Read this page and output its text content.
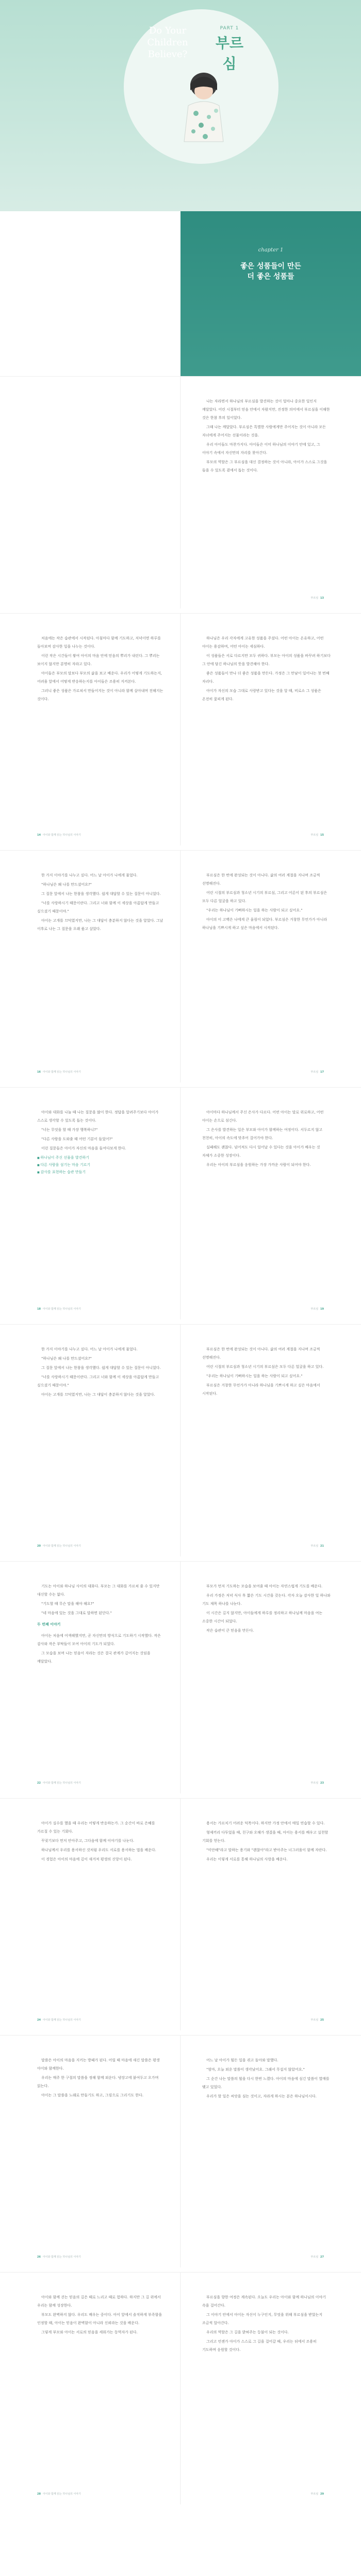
Do Your
Children
Believe?
PART 1
부르심
chapter 1
좋은 성품들이 만든
더 좋은 성품들

나는 자라면서 하나님의 부르심을 발견하는 것이 얼마나 중요한 일인지 깨달았다. 어린 시절부터 믿음 안에서 자랐지만, 진정한 의미에서 부르심을 이해한 것은 한참 후의 일이었다.

그때 나는 깨달았다. 부르심은 특별한 사람에게만 주어지는 것이 아니라 모든 자녀에게 주어지는 선물이라는 것을.

우리 아이들도 마찬가지다. 아이들은 이미 하나님의 이야기 안에 있고, 그 이야기 속에서 자신만의 자리를 찾아간다.

부모의 역할은 그 부르심을 대신 결정하는 것이 아니라, 아이가 스스로 그것을 들을 수 있도록 곁에서 돕는 것이다.

부르심 13

처음에는 작은 습관에서 시작된다. 아침마다 함께 기도하고, 저녁이면 하루를 돌아보며 감사한 일을 나누는 것이다.

이런 작은 시간들이 쌓여 아이의 마음 안에 믿음의 뿌리가 내린다. 그 뿌리는 보이지 않지만 분명히 자라고 있다.

아이들은 부모의 말보다 부모의 삶을 보고 배운다. 우리가 어떻게 기도하는지, 어려움 앞에서 어떻게 반응하는지를 아이들은 조용히 지켜본다.

그러니 좋은 성품은 가르쳐서 만들어지는 것이 아니라 함께 살아내며 전해지는 것이다.

하나님은 우리 각자에게 고유한 성품을 주셨다. 어떤 아이는 온유하고, 어떤 아이는 용감하며, 어떤 아이는 세심하다.

이 성품들은 서로 다르지만 모두 귀하다. 부모는 아이의 성품을 바꾸려 하기보다 그 안에 담긴 하나님의 뜻을 발견해야 한다.

좋은 성품들이 만나 더 좋은 성품을 만든다. 가정은 그 만남이 일어나는 첫 번째 자리다.

아이가 자신의 모습 그대로 사랑받고 있다는 것을 알 때, 비로소 그 성품은 온전히 꽃피게 된다.

14 아이와 함께 읽는 하나님의 이야기	부르심 15

한 가지 이야기를 나누고 싶다. 어느 날 아이가 나에게 물었다.

"하나님은 왜 나를 만드셨어요?"

그 질문 앞에서 나는 한참을 생각했다. 쉽게 대답할 수 있는 질문이 아니었다.

"너를 사랑하시기 때문이란다. 그리고 너와 함께 이 세상을 아름답게 만들고 싶으셨기 때문이야."

아이는 고개를 끄덕였지만, 나는 그 대답이 충분하지 않다는 것을 알았다. 그날 이후로 나는 그 질문을 오래 품고 살았다.

부르심은 한 번에 완성되는 것이 아니다. 삶의 여러 계절을 지나며 조금씩 선명해진다.

어린 시절의 부르심과 청소년 시기의 부르심, 그리고 어른이 된 후의 부르심은 모두 다른 얼굴을 하고 있다.

"우리는 하나님이 기뻐하시는 일을 하는 사람이 되고 싶어요."

아이의 이 고백은 나에게 큰 울림이 되었다. 부르심은 거창한 무언가가 아니라 하나님을 기쁘시게 하고 싶은 마음에서 시작된다.

16 아이와 함께 읽는 하나님의 이야기	부르심 17

아이와 대화를 나눌 때 나는 질문을 많이 한다. 정답을 알려주기보다 아이가 스스로 생각할 수 있도록 돕는 것이다.

"너는 무엇을 할 때 가장 행복하니?"

"다른 사람을 도와줄 때 어떤 기분이 들었어?"

이런 질문들은 아이가 자신의 마음을 들여다보게 한다.

■ 하나님이 주신 선물을 발견하기
■ 다른 사람을 섬기는 마음 기르기
■ 감사를 표현하는 습관 만들기

아이마다 하나님께서 주신 은사가 다르다. 어떤 아이는 말로 위로하고, 어떤 아이는 손으로 섬긴다.

그 은사를 발견하는 일은 부모와 아이가 함께하는 여정이다. 서두르지 않고 천천히, 아이의 속도에 맞추어 걸어가야 한다.

실패해도 괜찮다. 넘어져도 다시 일어날 수 있다는 것을 아이가 배우는 것 자체가 소중한 성장이다.

우리는 아이의 부르심을 응원하는 가장 가까운 사람이 되어야 한다.

18 아이와 함께 읽는 하나님의 이야기	부르심 19

한 가지 이야기를 나누고 싶다. 어느 날 아이가 나에게 물었다.

"하나님은 왜 나를 만드셨어요?"

그 질문 앞에서 나는 한참을 생각했다. 쉽게 대답할 수 있는 질문이 아니었다.

"너를 사랑하시기 때문이란다. 그리고 너와 함께 이 세상을 아름답게 만들고 싶으셨기 때문이야."

아이는 고개를 끄덕였지만, 나는 그 대답이 충분하지 않다는 것을 알았다.

부르심은 한 번에 완성되는 것이 아니다. 삶의 여러 계절을 지나며 조금씩 선명해진다.

어린 시절의 부르심과 청소년 시기의 부르심은 모두 다른 얼굴을 하고 있다.

"우리는 하나님이 기뻐하시는 일을 하는 사람이 되고 싶어요."

부르심은 거창한 무언가가 아니라 하나님을 기쁘시게 하고 싶은 마음에서 시작된다.

20 아이와 함께 읽는 하나님의 이야기	부르심 21

기도는 아이와 하나님 사이의 대화다. 부모는 그 대화를 가르쳐 줄 수 있지만 대신할 수는 없다.

"기도할 때 무슨 말을 해야 해요?"

"네 마음에 있는 것을 그대로 말하면 된단다."

두 번째 이야기

아이는 처음에 어색해했지만, 곧 자신만의 방식으로 기도하기 시작했다. 작은 감사와 작은 부탁들이 모여 아이의 기도가 되었다.

그 모습을 보며 나는 믿음이 자라는 것은 결국 관계가 깊어지는 것임을 깨달았다.

부모가 먼저 기도하는 모습을 보여줄 때 아이는 자연스럽게 기도를 배운다.

우리 가정은 저녁 식사 후 짧은 기도 시간을 갖는다. 각자 오늘 감사한 일 하나와 기도 제목 하나를 나눈다.

이 시간은 길지 않지만, 아이들에게 하루를 정리하고 하나님께 마음을 여는 소중한 시간이 되었다.

작은 습관이 큰 믿음을 만든다.

22 아이와 함께 읽는 하나님의 이야기	부르심 23

아이가 실수를 했을 때 우리는 어떻게 반응하는가. 그 순간이 바로 은혜를 가르칠 수 있는 기회다.

꾸짖기보다 먼저 안아주고, 그다음에 함께 이야기를 나눈다.

하나님께서 우리를 용서하신 것처럼 우리도 서로를 용서하는 법을 배운다.

이 경험은 아이의 마음에 깊이 새겨져 평생의 신앙이 된다.

용서는 가르치기 어려운 덕목이다. 하지만 가정 안에서 매일 연습할 수 있다.

형제끼리 다투었을 때, 친구와 오해가 생겼을 때, 아이는 용서를 배우고 실천할 기회를 얻는다.

"미안해"라고 말하는 용기와 "괜찮아"라고 받아주는 너그러움이 함께 자란다.

우리는 이렇게 서로를 통해 하나님의 사랑을 배운다.

24 아이와 함께 읽는 하나님의 이야기	부르심 25

말씀은 아이의 마음을 지키는 방패가 된다. 어릴 때 마음에 새긴 말씀은 평생 아이와 함께한다.

우리는 매주 한 구절의 말씀을 정해 함께 외운다. 냉장고에 붙여두고 오가며 읽는다.

아이는 그 말씀을 노래로 만들기도 하고, 그림으로 그리기도 한다.

어느 날 아이가 힘든 일을 겪고 돌아와 말했다.

"엄마, 오늘 외운 말씀이 생각났어요. 그래서 무섭지 않았어요."

그 순간 나는 말씀의 힘을 다시 한번 느꼈다. 아이의 마음에 심긴 말씀이 열매를 맺고 있었다.

우리가 할 일은 씨앗을 심는 것이고, 자라게 하시는 분은 하나님이시다.

26 아이와 함께 읽는 하나님의 이야기	부르심 27

아이와 함께 걷는 믿음의 길은 때로 느리고 때로 험하다. 하지만 그 길 위에서 우리는 함께 성장한다.

부모도 완벽하지 않다. 우리도 배우는 중이다. 아이 앞에서 솔직하게 부족함을 인정할 때, 아이는 믿음이 완벽함이 아니라 신뢰라는 것을 배운다.

그렇게 부모와 아이는 서로의 믿음을 세워가는 동역자가 된다.

부르심을 향한 여정은 계속된다. 오늘도 우리는 아이와 함께 하나님의 이야기 속을 걸어간다.

그 이야기 안에서 아이는 자신이 누구인지, 무엇을 위해 부르심을 받았는지 조금씩 알아간다.

우리의 역할은 그 길을 밝혀주는 등불이 되는 것이다.

그리고 언젠가 아이가 스스로 그 길을 걸어갈 때, 우리는 뒤에서 조용히 기도하며 응원할 것이다.

28 아이와 함께 읽는 하나님의 이야기	부르심 29
